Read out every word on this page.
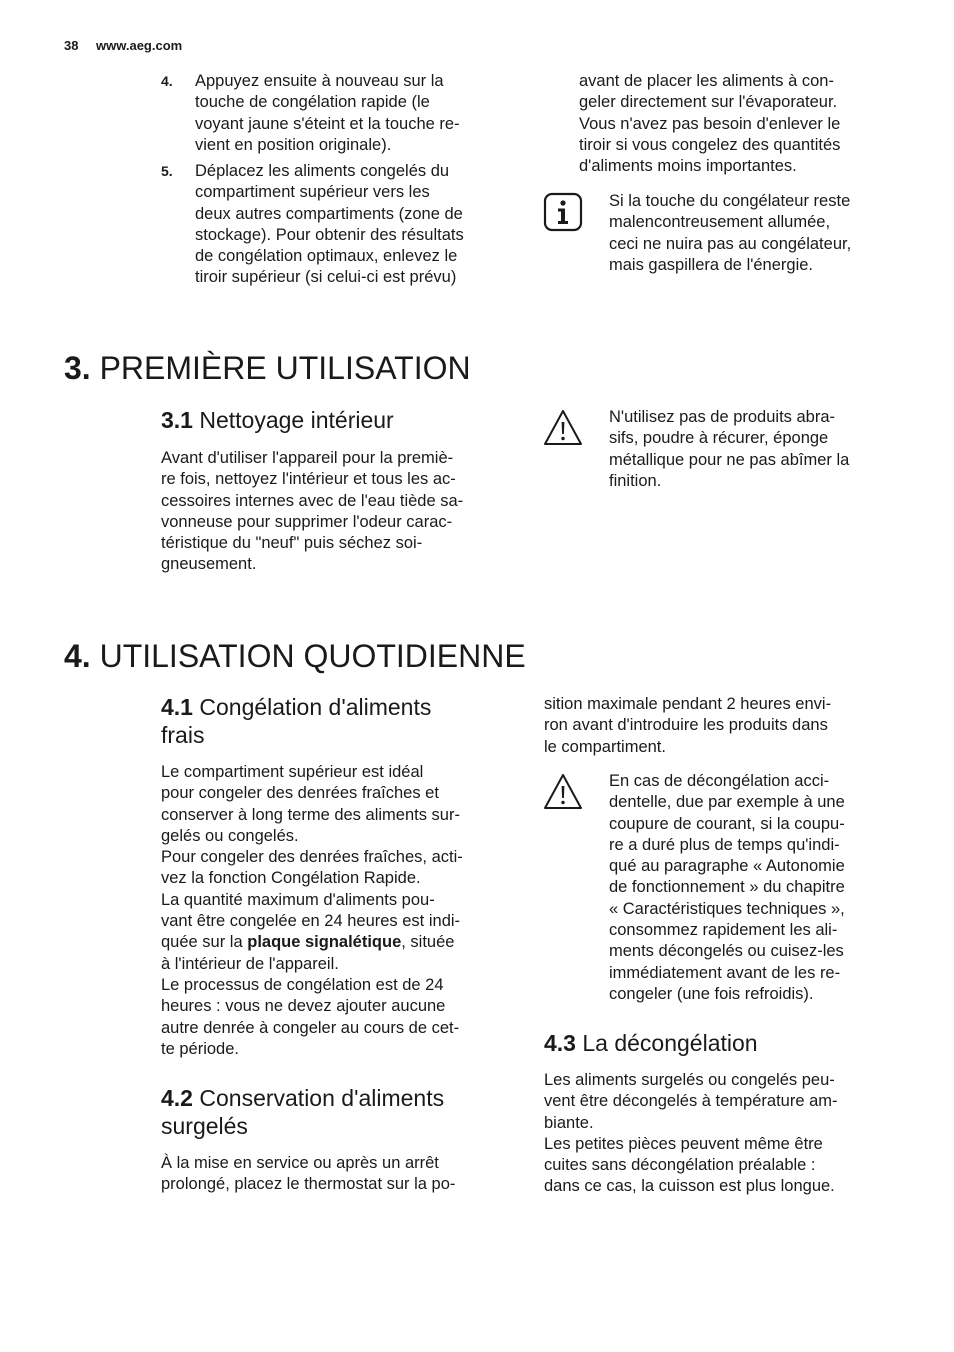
38 www.aeg.com
4. Appuyez ensuite à nouveau sur la
touche de congélation rapide (le
voyant jaune s'éteint et la touche re-
vient en position originale).
5. Déplacez les aliments congelés du
compartiment supérieur vers les
deux autres compartiments (zone de
stockage). Pour obtenir des résultats
de congélation optimaux, enlevez le
tiroir supérieur (si celui-ci est prévu)
avant de placer les aliments à con-
geler directement sur l'évaporateur.
Vous n'avez pas besoin d'enlever le
tiroir si vous congelez des quantités
d'aliments moins importantes.
Si la touche du congélateur reste
malencontreusement allumée,
ceci ne nuira pas au congélateur,
mais gaspillera de l'énergie.
3. PREMIÈRE UTILISATION
3.1 Nettoyage intérieur
Avant d'utiliser l'appareil pour la premiè-
re fois, nettoyez l'intérieur et tous les ac-
cessoires internes avec de l'eau tiède sa-
vonneuse pour supprimer l'odeur carac-
téristique du "neuf" puis séchez soi-
gneusement.
N'utilisez pas de produits abra-
sifs, poudre à récurer, éponge
métallique pour ne pas abîmer la
finition.
4. UTILISATION QUOTIDIENNE
4.1 Congélation d'aliments
frais
Le compartiment supérieur est idéal
pour congeler des denrées fraîches et
conserver à long terme des aliments sur-
gelés ou congelés.
Pour congeler des denrées fraîches, acti-
vez la fonction Congélation Rapide.
La quantité maximum d'aliments pou-
vant être congelée en 24 heures est indi-
quée sur la plaque signalétique, située
à l'intérieur de l'appareil.
Le processus de congélation est de 24
heures : vous ne devez ajouter aucune
autre denrée à congeler au cours de cet-
te période.
4.2 Conservation d'aliments
surgelés
À la mise en service ou après un arrêt
prolongé, placez le thermostat sur la po-
sition maximale pendant 2 heures envi-
ron avant d'introduire les produits dans
le compartiment.
En cas de décongélation acci-
dentelle, due par exemple à une
coupure de courant, si la coupu-
re a duré plus de temps qu'indi-
qué au paragraphe « Autonomie
de fonctionnement » du chapitre
« Caractéristiques techniques »,
consommez rapidement les ali-
ments décongelés ou cuisez-les
immédiatement avant de les re-
congeler (une fois refroidis).
4.3 La décongélation
Les aliments surgelés ou congelés peu-
vent être décongelés à température am-
biante.
Les petites pièces peuvent même être
cuites sans décongélation préalable :
dans ce cas, la cuisson est plus longue.
